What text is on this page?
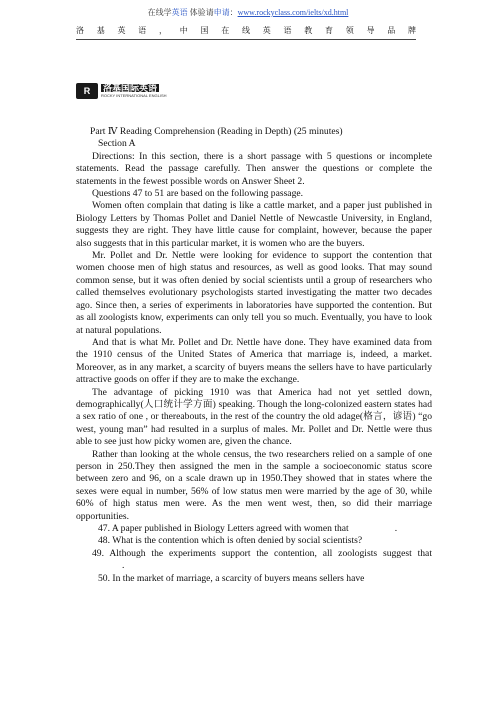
在线学英语 体验请申请：www.rockyclass.com/ielts/xd.html
洛 基 英 语 ， 中 国 在 线 英 语 教 育 领 导 品 牌
R	洛基国际英语
ROCKY INTERNATIONAL ENGLISH

Part Ⅳ Reading Comprehension (Reading in Depth) (25 minutes)

Section A

Directions: In this section, there is a short passage with 5 questions or incomplete statements. Read the passage carefully. Then answer the questions or complete the statements in the fewest possible words on Answer Sheet 2.

Questions 47 to 51 are based on the following passage.

Women often complain that dating is like a cattle market, and a paper just published in Biology Letters by Thomas Pollet and Daniel Nettle of Newcastle University, in England, suggests they are right. They have little cause for complaint, however, because the paper also suggests that in this particular market, it is women who are the buyers.

Mr. Pollet and Dr. Nettle were looking for evidence to support the contention that women choose men of high status and resources, as well as good looks. That may sound common sense, but it was often denied by social scientists until a group of researchers who called themselves evolutionary psychologists started investigating the matter two decades ago. Since then, a series of experiments in laboratories have supported the contention. But as all zoologists know, experiments can only tell you so much. Eventually, you have to look at natural populations.

And that is what Mr. Pollet and Dr. Nettle have done. They have examined data from the 1910 census of the United States of America that marriage is, indeed, a market. Moreover, as in any market, a scarcity of buyers means the sellers have to have particularly attractive goods on offer if they are to make the exchange.

The advantage of picking 1910 was that America had not yet settled down, demographically(人口统计学方面) speaking. Though the long-colonized eastern states had a sex ratio of one , or thereabouts, in the rest of the country the old adage(格言，谚语) “go west, young man” had resulted in a surplus of males. Mr. Pollet and Dr. Nettle were thus able to see just how picky women are, given the chance.

Rather than looking at the whole census, the two researchers relied on a sample of one person in 250.They then assigned the men in the sample a socioeconomic status score between zero and 96, on a scale drawn up in 1950.They showed that in states where the sexes were equal in number, 56% of low status men were married by the age of 30, while 60% of high status men were. As the men went west, then, so did their marriage opportunities.

47. A paper published in Biology Letters agreed with women that	.

48. What is the contention which is often denied by social scientists?

49. Although the experiments support the contention, all zoologists suggest that.

50. In the market of marriage, a scarcity of buyers means sellers have
